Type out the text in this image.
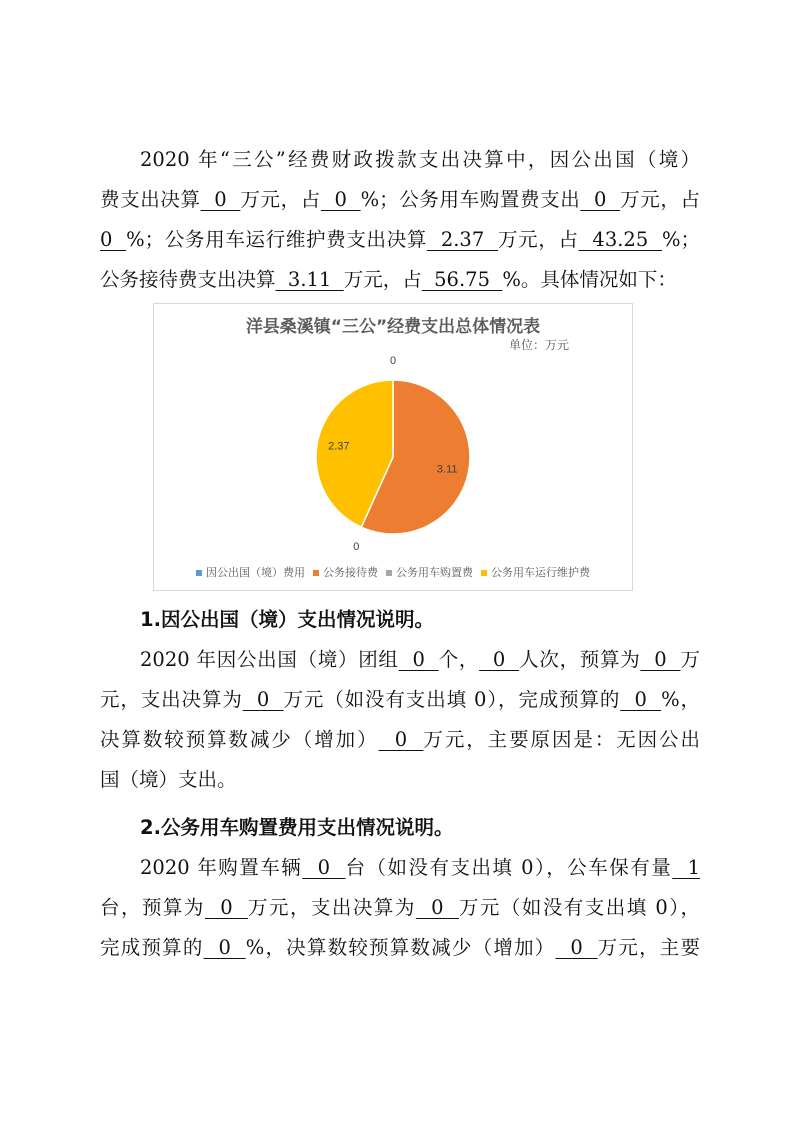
2020 年“三公”经费财政拨款支出决算中，因公出国（境）
费支出决算  0  万元，占  0  %；公务用车购置费支出  0  万元，占
0  %；公务用车运行维护费支出决算  2.37  万元，占  43.25  %；
公务接待费支出决算  3.11  万元，占  56.75  %。具体情况如下：
洋县桑溪镇“三公”经费支出总体情况表
单位：万元
0
3.11
0
2.37
因公出国（境）费用 公务接待费 公务用车购置费 公务用车运行维护费
1.因公出国（境）支出情况说明。
2020 年因公出国（境）团组  0  个，  0  人次，预算为  0  万
元，支出决算为  0  万元（如没有支出填 0），完成预算的  0  %，
决算数较预算数减少（增加）  0  万元，主要原因是：无因公出
国（境）支出。
2.公务用车购置费用支出情况说明。
2020 年购置车辆  0  台（如没有支出填 0），公车保有量  1
台，预算为  0  万元，支出决算为  0  万元（如没有支出填 0），
完成预算的  0  %，决算数较预算数减少（增加）  0  万元，主要
